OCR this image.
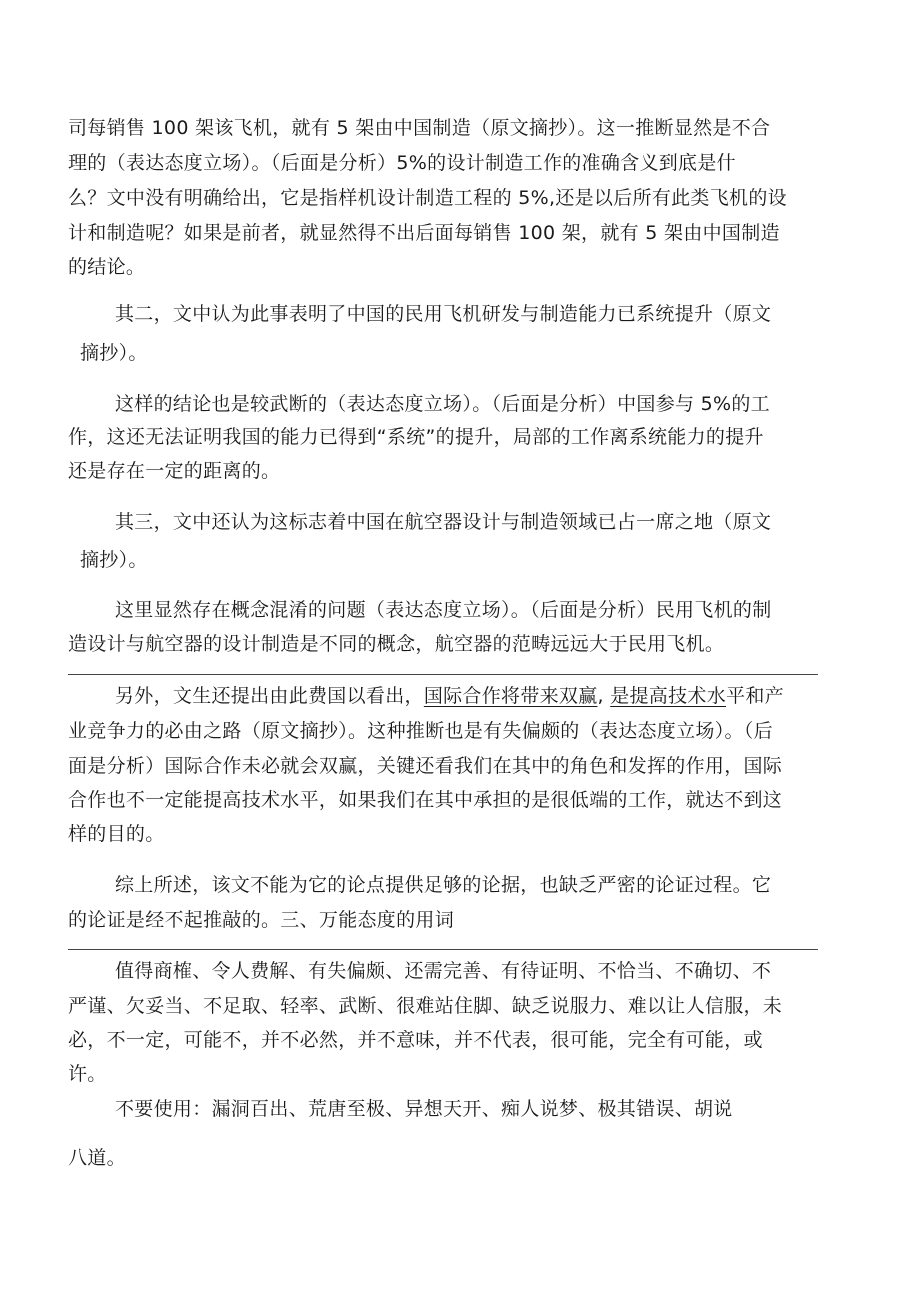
司每销售 100 架该飞机，就有 5 架由中国制造（原文摘抄）。这一推断显然是不合
理的（表达态度立场）。（后面是分析）5%的设计制造工作的准确含义到底是什
么？文中没有明确给出，它是指样机设计制造工程的 5%,还是以后所有此类飞机的设
计和制造呢？如果是前者，就显然得不出后面每销售 100 架，就有 5 架由中国制造
的结论。
其二，文中认为此事表明了中国的民用飞机研发与制造能力已系统提升（原文
摘抄）。
这样的结论也是较武断的（表达态度立场）。（后面是分析）中国参与 5%的工
作，这还无法证明我国的能力已得到“系统”的提升，局部的工作离系统能力的提升
还是存在一定的距离的。
其三，文中还认为这标志着中国在航空器设计与制造领域已占一席之地（原文
摘抄）。
这里显然存在概念混淆的问题（表达态度立场）。（后面是分析）民用飞机的制
造设计与航空器的设计制造是不同的概念，航空器的范畴远远大于民用飞机。
另外，文生还提出由此费国以看出，国际合作将带来双赢, 是提高技术水平和产
业竞争力的必由之路（原文摘抄）。这种推断也是有失偏颇的（表达态度立场）。（后
面是分析）国际合作未必就会双赢，关键还看我们在其中的角色和发挥的作用，国际
合作也不一定能提高技术水平，如果我们在其中承担的是很低端的工作，就达不到这
样的目的。
综上所述，该文不能为它的论点提供足够的论据，也缺乏严密的论证过程。它
的论证是经不起推敲的。三、万能态度的用词
值得商榷、令人费解、有失偏颇、还需完善、有待证明、不恰当、不确切、不
严谨、欠妥当、不足取、轻率、武断、很难站住脚、缺乏说服力、难以让人信服，未
必，不一定，可能不，并不必然，并不意味，并不代表，很可能，完全有可能，或
许。
不要使用：漏洞百出、荒唐至极、异想天开、痴人说梦、极其错误、胡说
八道。
